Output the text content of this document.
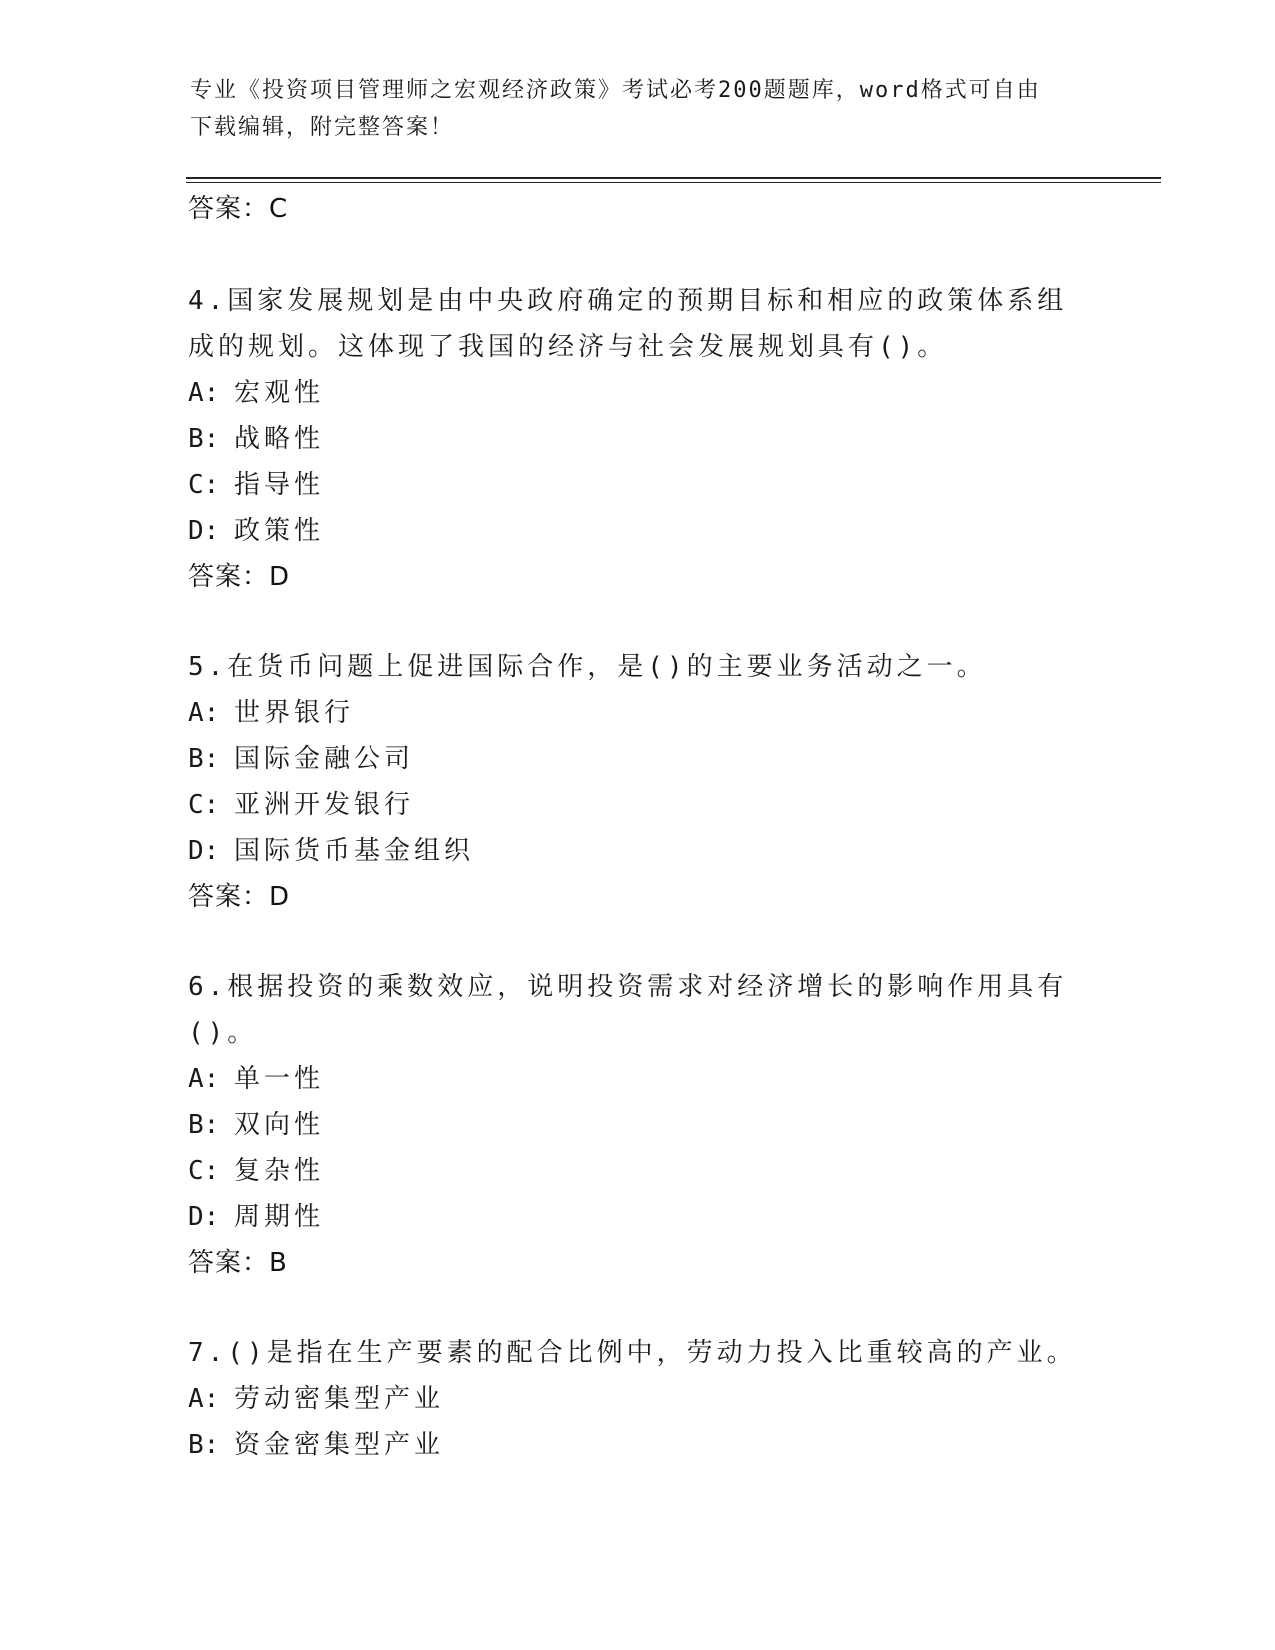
专业《投资项目管理师之宏观经济政策》考试必考200题题库，word格式可自由
下载编辑，附完整答案！
答案：C

4.国家发展规划是由中央政府确定的预期目标和相应的政策体系组成的规划。这体现了我国的经济与社会发展规划具有()。

A: 宏观性
B: 战略性
C: 指导性
D: 政策性
答案：D

5.在货币问题上促进国际合作，是()的主要业务活动之一。

A: 世界银行
B: 国际金融公司
C: 亚洲开发银行
D: 国际货币基金组织
答案：D

6.根据投资的乘数效应，说明投资需求对经济增长的影响作用具有()。

A: 单一性
B: 双向性
C: 复杂性
D: 周期性
答案：B

7.()是指在生产要素的配合比例中，劳动力投入比重较高的产业。

A: 劳动密集型产业
B: 资金密集型产业
